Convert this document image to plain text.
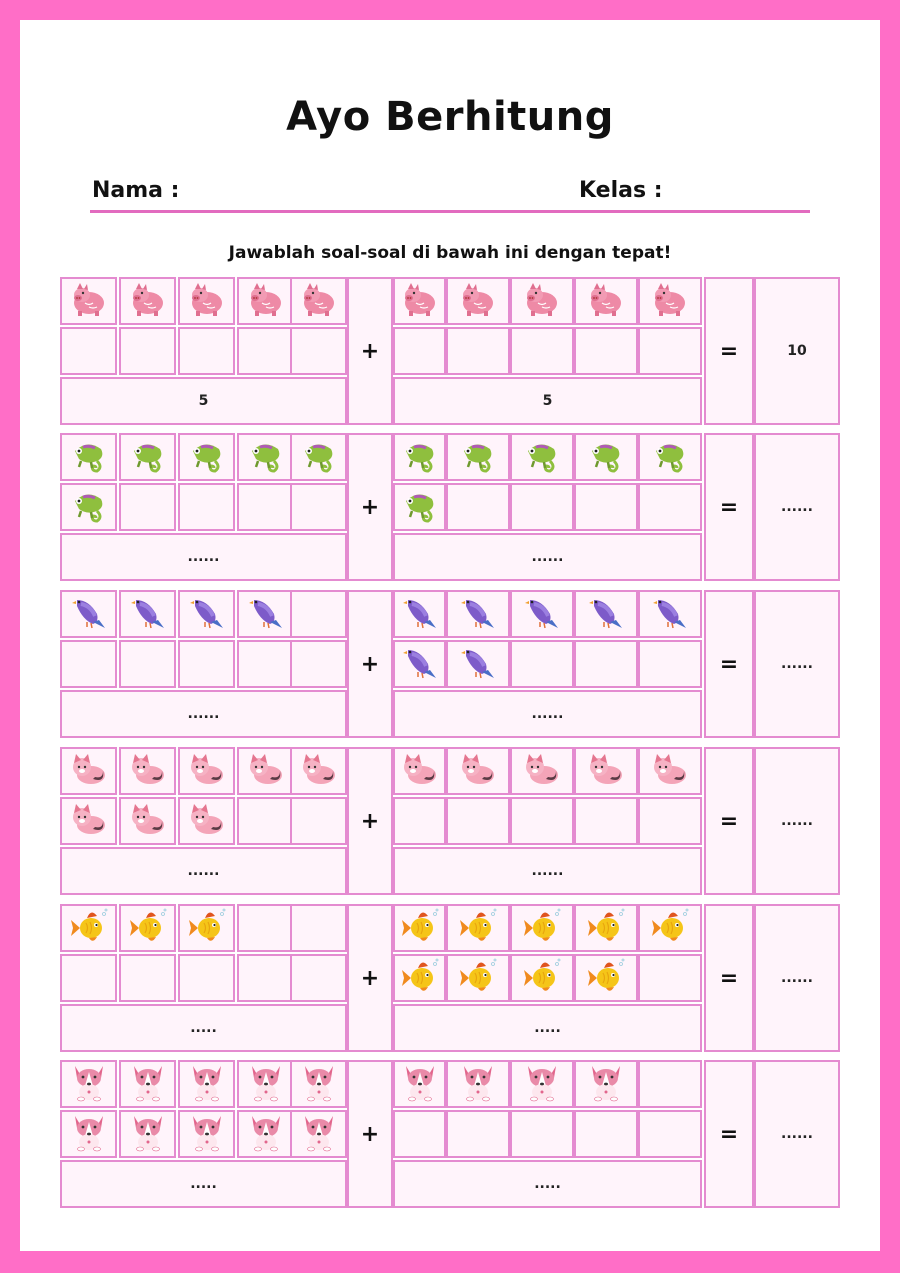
Ayo Berhitung
Nama :	Kelas :
Jawablah soal-soal di bawah ini dengan tepat!
5
+
5
=	10
......
+
......
=	......
......
+
......
=	......
......
+
......
=	......
.....
+
.....
=	......
.....
+
.....
=	......
